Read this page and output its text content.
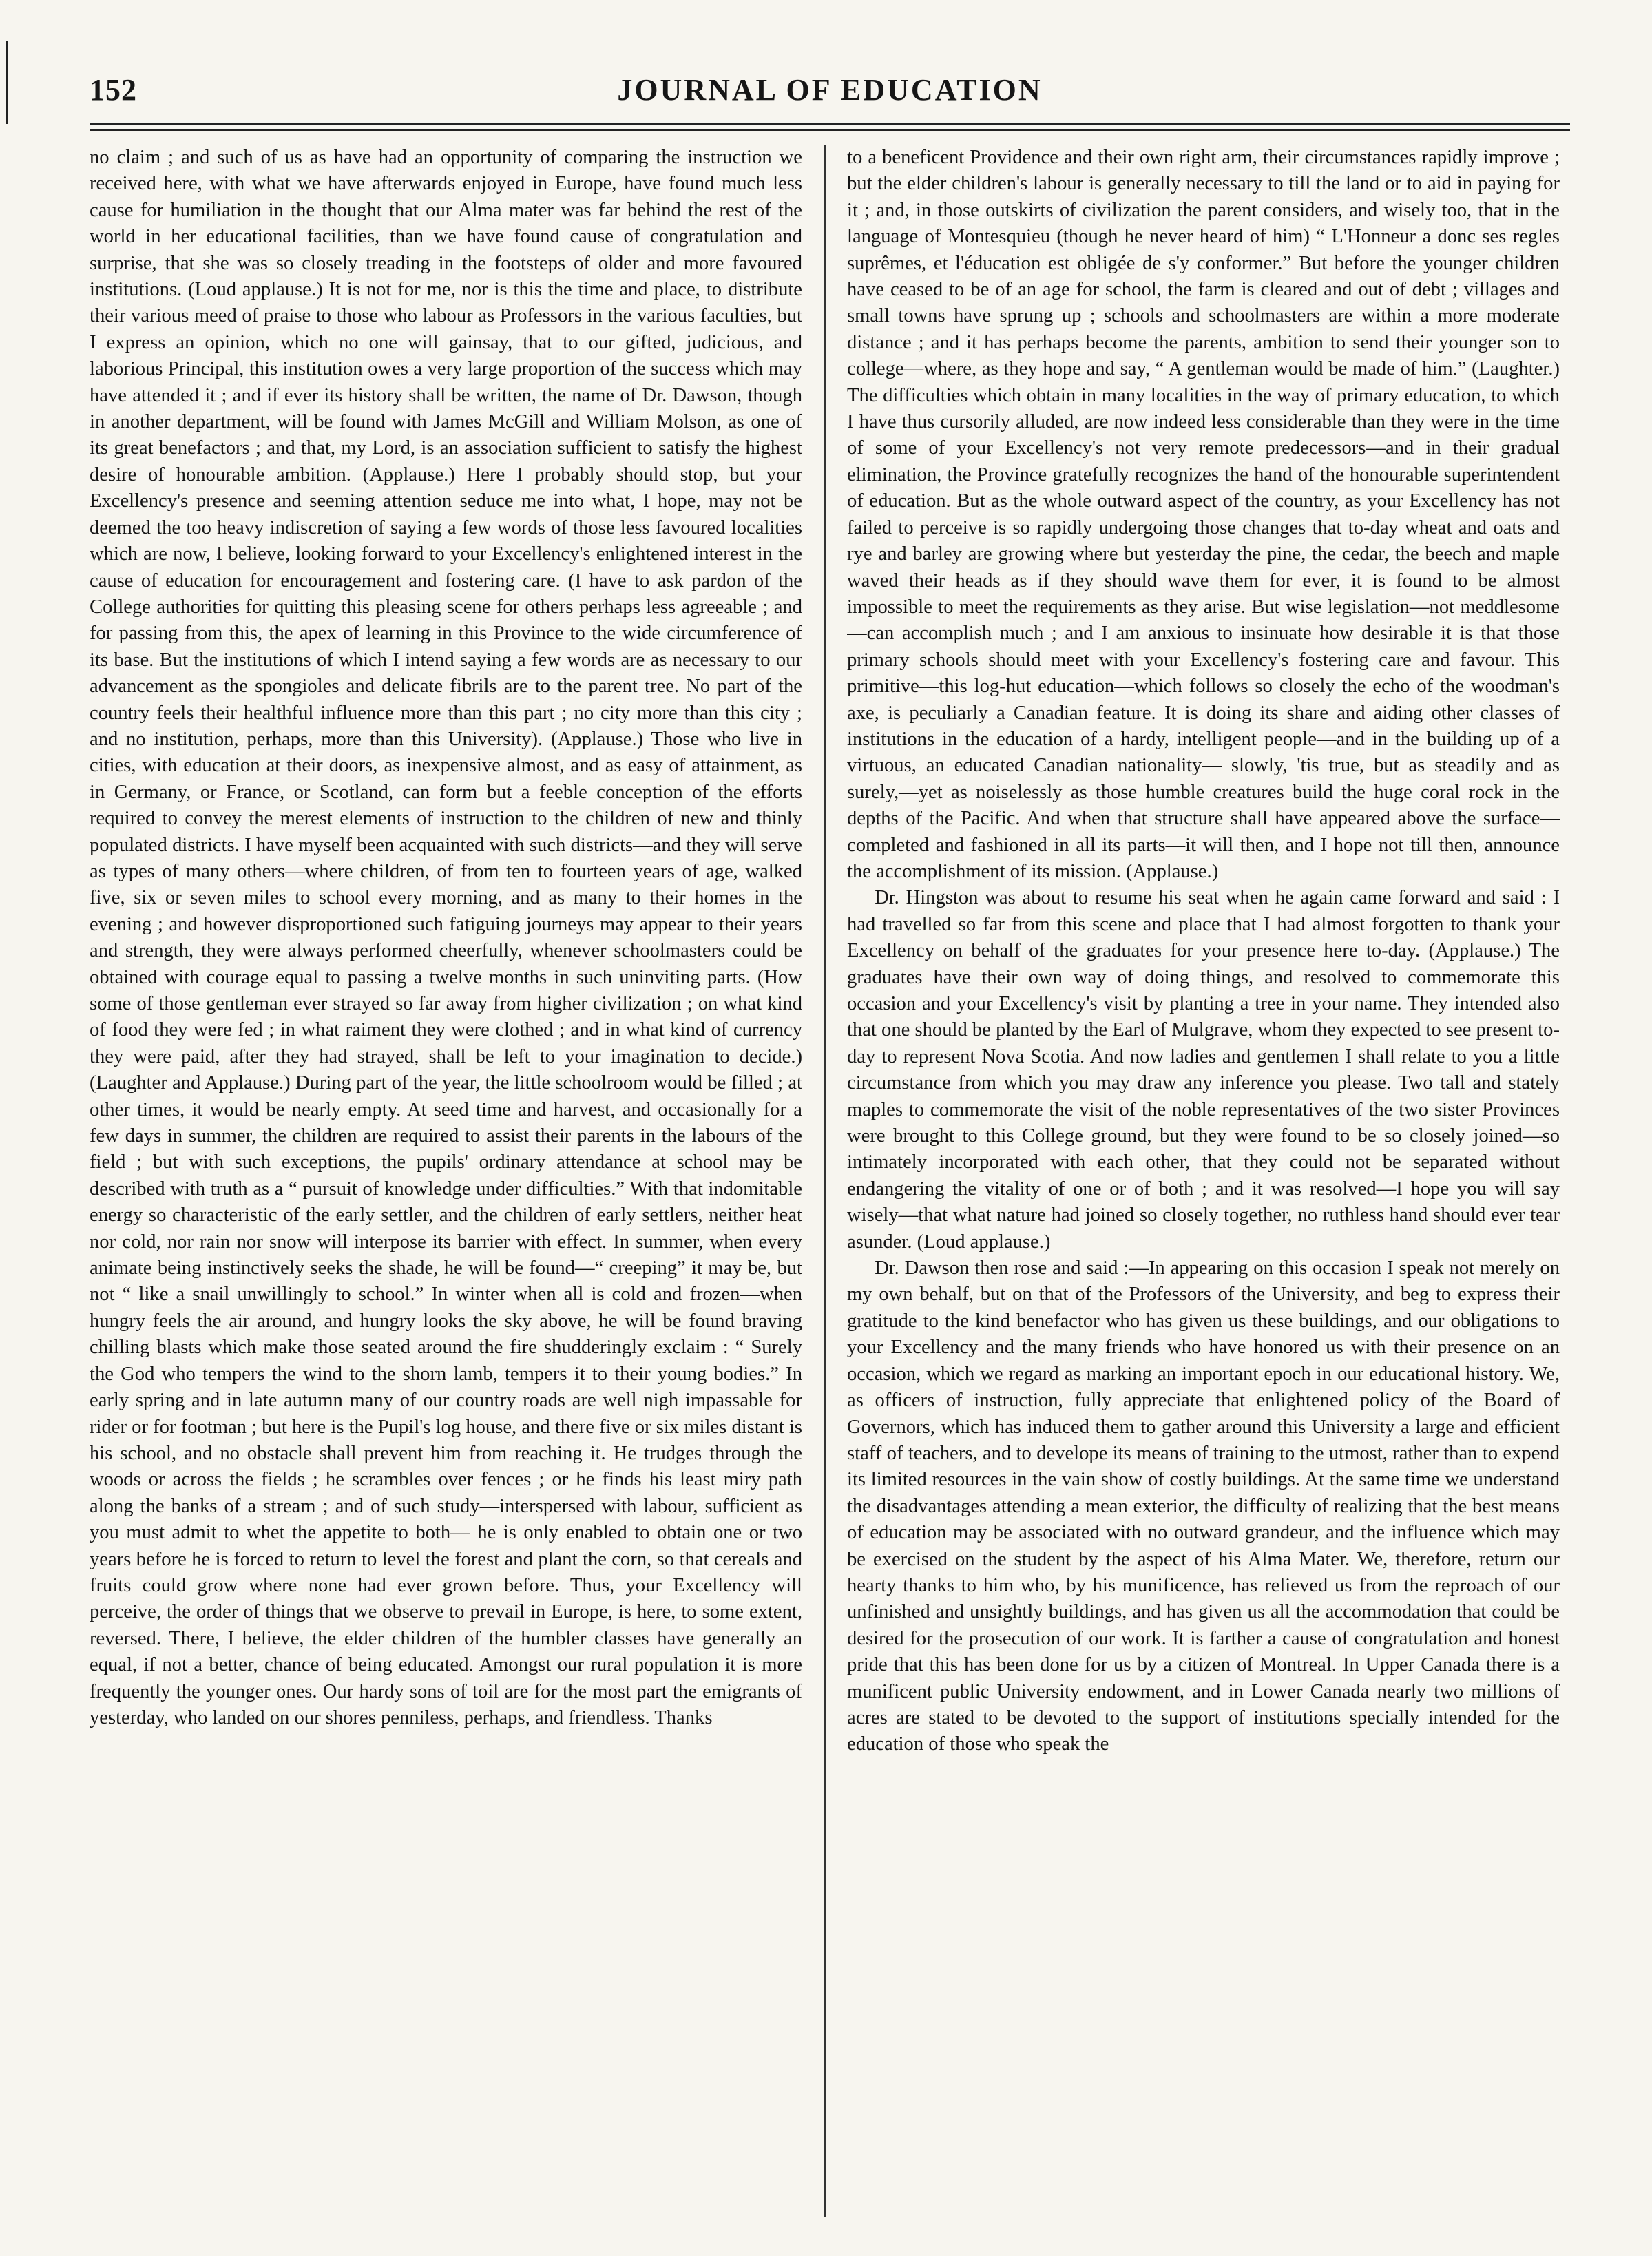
152	JOURNAL OF EDUCATION

no claim ; and such of us as have had an opportunity of comparing the instruction we received here, with what we have afterwards enjoyed in Europe, have found much less cause for humiliation in the thought that our Alma mater was far behind the rest of the world in her educational facilities, than we have found cause of congratulation and surprise, that she was so closely treading in the footsteps of older and more favoured institutions. (Loud applause.) It is not for me, nor is this the time and place, to distribute their various meed of praise to those who labour as Professors in the various faculties, but I express an opinion, which no one will gainsay, that to our gifted, judicious, and laborious Principal, this institution owes a very large proportion of the success which may have attended it ; and if ever its history shall be written, the name of Dr. Dawson, though in another department, will be found with James McGill and William Molson, as one of its great benefactors ; and that, my Lord, is an association sufficient to satisfy the highest desire of honourable ambition. (Applause.) Here I probably should stop, but your Excellency's presence and seeming attention seduce me into what, I hope, may not be deemed the too heavy indiscretion of saying a few words of those less favoured localities which are now, I believe, looking forward to your Excellency's enlightened interest in the cause of education for encouragement and fostering care. (I have to ask pardon of the College authorities for quitting this pleasing scene for others perhaps less agreeable ; and for passing from this, the apex of learning in this Province to the wide circumference of its base. But the institutions of which I intend saying a few words are as necessary to our advancement as the spongioles and delicate fibrils are to the parent tree. No part of the country feels their healthful influence more than this part ; no city more than this city ; and no institution, perhaps, more than this University). (Applause.) Those who live in cities, with education at their doors, as inexpensive almost, and as easy of attainment, as in Germany, or France, or Scotland, can form but a feeble conception of the efforts required to convey the merest elements of instruction to the children of new and thinly populated districts. I have myself been acquainted with such districts—and they will serve as types of many others—where children, of from ten to fourteen years of age, walked five, six or seven miles to school every morning, and as many to their homes in the evening ; and however disproportioned such fatiguing journeys may appear to their years and strength, they were always performed cheerfully, whenever schoolmasters could be obtained with courage equal to passing a twelve months in such uninviting parts. (How some of those gentleman ever strayed so far away from higher civilization ; on what kind of food they were fed ; in what raiment they were clothed ; and in what kind of currency they were paid, after they had strayed, shall be left to your imagination to decide.) (Laughter and Applause.) During part of the year, the little schoolroom would be filled ; at other times, it would be nearly empty. At seed time and harvest, and occasionally for a few days in summer, the children are required to assist their parents in the labours of the field ; but with such exceptions, the pupils' ordinary attendance at school may be described with truth as a “ pursuit of knowledge under difficulties.” With that indomitable energy so characteristic of the early settler, and the children of early settlers, neither heat nor cold, nor rain nor snow will interpose its barrier with effect. In summer, when every animate being instinctively seeks the shade, he will be found—“ creeping” it may be, but not “ like a snail unwillingly to school.” In winter when all is cold and frozen—when hungry feels the air around, and hungry looks the sky above, he will be found braving chilling blasts which make those seated around the fire shudderingly exclaim : “ Surely the God who tempers the wind to the shorn lamb, tempers it to their young bodies.” In early spring and in late autumn many of our country roads are well nigh impassable for rider or for footman ; but here is the Pupil's log house, and there five or six miles distant is his school, and no obstacle shall prevent him from reaching it. He trudges through the woods or across the fields ; he scrambles over fences ; or he finds his least miry path along the banks of a stream ; and of such study—interspersed with labour, sufficient as you must admit to whet the appetite to both— he is only enabled to obtain one or two years before he is forced to return to level the forest and plant the corn, so that cereals and fruits could grow where none had ever grown before. Thus, your Excellency will perceive, the order of things that we observe to prevail in Europe, is here, to some extent, reversed. There, I believe, the elder children of the humbler classes have generally an equal, if not a better, chance of being educated. Amongst our rural population it is more frequently the younger ones. Our hardy sons of toil are for the most part the emigrants of yesterday, who landed on our shores penniless, perhaps, and friendless. Thanks

to a beneficent Providence and their own right arm, their circumstances rapidly improve ; but the elder children's labour is generally necessary to till the land or to aid in paying for it ; and, in those outskirts of civilization the parent considers, and wisely too, that in the language of Montesquieu (though he never heard of him) “ L'Honneur a donc ses regles suprêmes, et l'éducation est obligée de s'y conformer.” But before the younger children have ceased to be of an age for school, the farm is cleared and out of debt ; villages and small towns have sprung up ; schools and schoolmasters are within a more moderate distance ; and it has perhaps become the parents, ambition to send their younger son to college—where, as they hope and say, “ A gentleman would be made of him.” (Laughter.) The difficulties which obtain in many localities in the way of primary education, to which I have thus cursorily alluded, are now indeed less considerable than they were in the time of some of your Excellency's not very remote predecessors—and in their gradual elimination, the Province gratefully recognizes the hand of the honourable superintendent of education. But as the whole outward aspect of the country, as your Excellency has not failed to perceive is so rapidly undergoing those changes that to-day wheat and oats and rye and barley are growing where but yesterday the pine, the cedar, the beech and maple waved their heads as if they should wave them for ever, it is found to be almost impossible to meet the requirements as they arise. But wise legislation—not meddlesome—can accomplish much ; and I am anxious to insinuate how desirable it is that those primary schools should meet with your Excellency's fostering care and favour. This primitive—this log-hut education—which follows so closely the echo of the woodman's axe, is peculiarly a Canadian feature. It is doing its share and aiding other classes of institutions in the education of a hardy, intelligent people—and in the building up of a virtuous, an educated Canadian nationality— slowly, 'tis true, but as steadily and as surely,—yet as noiselessly as those humble creatures build the huge coral rock in the depths of the Pacific. And when that structure shall have appeared above the surface—completed and fashioned in all its parts—it will then, and I hope not till then, announce the accomplishment of its mission. (Applause.)

Dr. Hingston was about to resume his seat when he again came forward and said : I had travelled so far from this scene and place that I had almost forgotten to thank your Excellency on behalf of the graduates for your presence here to-day. (Applause.) The graduates have their own way of doing things, and resolved to commemorate this occasion and your Excellency's visit by planting a tree in your name. They intended also that one should be planted by the Earl of Mulgrave, whom they expected to see present to-day to represent Nova Scotia. And now ladies and gentlemen I shall relate to you a little circumstance from which you may draw any inference you please. Two tall and stately maples to commemorate the visit of the noble representatives of the two sister Provinces were brought to this College ground, but they were found to be so closely joined—so intimately incorporated with each other, that they could not be separated without endangering the vitality of one or of both ; and it was resolved—I hope you will say wisely—that what nature had joined so closely together, no ruthless hand should ever tear asunder. (Loud applause.)

Dr. Dawson then rose and said :—In appearing on this occasion I speak not merely on my own behalf, but on that of the Professors of the University, and beg to express their gratitude to the kind benefactor who has given us these buildings, and our obligations to your Excellency and the many friends who have honored us with their presence on an occasion, which we regard as marking an important epoch in our educational history. We, as officers of instruction, fully appreciate that enlightened policy of the Board of Governors, which has induced them to gather around this University a large and efficient staff of teachers, and to develope its means of training to the utmost, rather than to expend its limited resources in the vain show of costly buildings. At the same time we understand the disadvantages attending a mean exterior, the difficulty of realizing that the best means of education may be associated with no outward grandeur, and the influence which may be exercised on the student by the aspect of his Alma Mater. We, therefore, return our hearty thanks to him who, by his munificence, has relieved us from the reproach of our unfinished and unsightly buildings, and has given us all the accommodation that could be desired for the prosecution of our work. It is farther a cause of congratulation and honest pride that this has been done for us by a citizen of Montreal. In Upper Canada there is a munificent public University endowment, and in Lower Canada nearly two millions of acres are stated to be devoted to the support of institutions specially intended for the education of those who speak the
